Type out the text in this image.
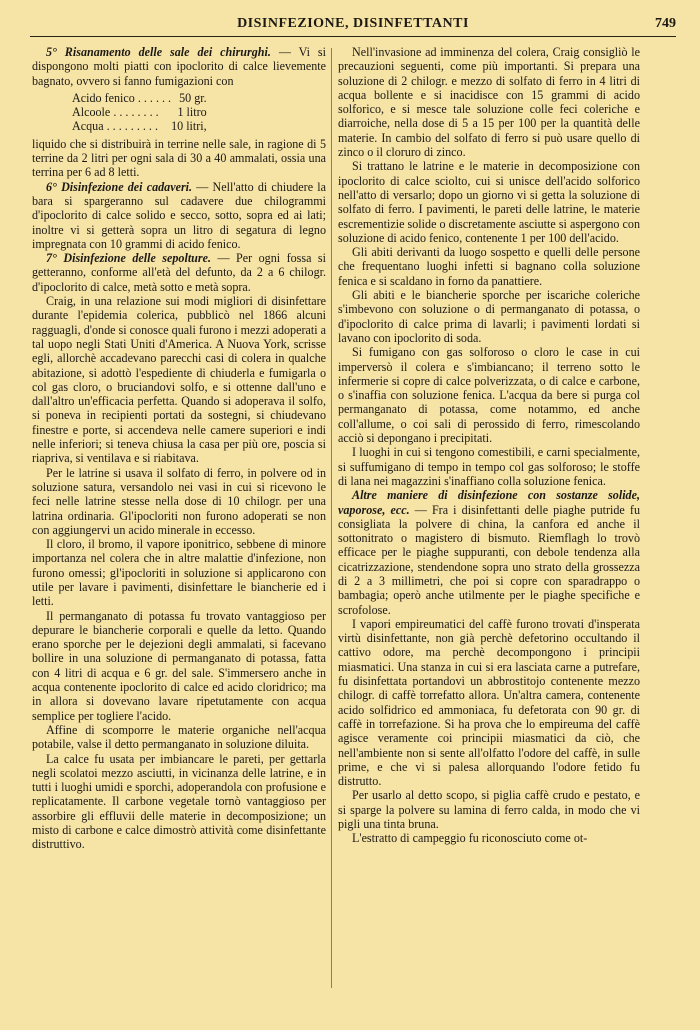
DISINFEZIONE, DISINFETTANTI	749

5° Risanamento delle sale dei chirurghi. — Vi si dispongono molti piatti con ipoclorito di calce lievemente bagnato, ovvero si fanno fumigazioni con

Acido fenico . . . . . .	50 gr.
Alcoole . . . . . . . .	1 litro
Acqua . . . . . . . . .	10 litri,

liquido che si distribuirà in terrine nelle sale, in ragione di 5 terrine da 2 litri per ogni sala di 30 a 40 ammalati, ossia una terrina per 6 ad 8 letti.

6° Disinfezione dei cadaveri. — Nell'atto di chiudere la bara si spargeranno sul cadavere due chilogrammi d'ipoclorito di calce solido e secco, sotto, sopra ed ai lati; inoltre vi si getterà sopra un litro di segatura di legno impregnata con 10 grammi di acido fenico.

7° Disinfezione delle sepolture. — Per ogni fossa si getteranno, conforme all'età del defunto, da 2 a 6 chilogr. d'ipoclorito di calce, metà sotto e metà sopra.

Craig, in una relazione sui modi migliori di disinfettare durante l'epidemia colerica, pubblicò nel 1866 alcuni ragguagli, d'onde si conosce quali furono i mezzi adoperati a tal uopo negli Stati Uniti d'America. A Nuova York, scrisse egli, allorchè accadevano parecchi casi di colera in qualche abitazione, si adottò l'espediente di chiuderla e fumigarla o col gas cloro, o bruciandovi solfo, e si ottenne dall'uno e dall'altro un'efficacia perfetta. Quando si adoperava il solfo, si poneva in recipienti portati da sostegni, si chiudevano finestre e porte, si accendeva nelle camere superiori e indi nelle inferiori; si teneva chiusa la casa per più ore, poscia si riapriva, si ventilava e si riabitava.

Per le latrine si usava il solfato di ferro, in polvere od in soluzione satura, versandolo nei vasi in cui si ricevono le feci nelle latrine stesse nella dose di 10 chilogr. per una latrina ordinaria. Gl'ipocloriti non furono adoperati se non con aggiungervi un acido minerale in eccesso.

Il cloro, il bromo, il vapore iponitrico, sebbene di minore importanza nel colera che in altre malattie d'infezione, non furono omessi; gl'ipocloriti in soluzione si applicarono con utile per lavare i pavimenti, disinfettare le biancherie ed i letti.

Il permanganato di potassa fu trovato vantaggioso per depurare le biancherie corporali e quelle da letto. Quando erano sporche per le dejezioni degli ammalati, si facevano bollire in una soluzione di permanganato di potassa, fatta con 4 litri di acqua e 6 gr. del sale. S'immersero anche in acqua contenente ipoclorito di calce ed acido cloridrico; ma in allora si dovevano lavare ripetutamente con acqua semplice per togliere l'acido.

Affine di scomporre le materie organiche nell'acqua potabile, valse il detto permanganato in soluzione diluita.

La calce fu usata per imbiancare le pareti, per gettarla negli scolatoi mezzo asciutti, in vicinanza delle latrine, e in tutti i luoghi umidi e sporchi, adoperandola con profusione e replicatamente. Il carbone vegetale tornò vantaggioso per assorbire gli effluvii delle materie in decomposizione; un misto di carbone e calce dimostrò attività come disinfettante distruttivo.

Nell'invasione ad imminenza del colera, Craig consigliò le precauzioni seguenti, come più importanti. Si prepara una soluzione di 2 chilogr. e mezzo di solfato di ferro in 4 litri di acqua bollente e si inacidisce con 15 grammi di acido solforico, e si mesce tale soluzione colle feci coleriche e diarroiche, nella dose di 5 a 15 per 100 per la quantità delle materie. In cambio del solfato di ferro si può usare quello di zinco o il cloruro di zinco.

Si trattano le latrine e le materie in decomposizione con ipoclorito di calce sciolto, cui si unisce dell'acido solforico nell'atto di versarlo; dopo un giorno vi si getta la soluzione di solfato di ferro. I pavimenti, le pareti delle latrine, le materie escrementizie solide o discretamente asciutte si aspergono con soluzione di acido fenico, contenente 1 per 100 dell'acido.

Gli abiti derivanti da luogo sospetto e quelli delle persone che frequentano luoghi infetti si bagnano colla soluzione fenica e si scaldano in forno da panattiere.

Gli abiti e le biancherie sporche per iscariche coleriche s'imbevono con soluzione o di permanganato di potassa, o d'ipoclorito di calce prima di lavarli; i pavimenti lordati si lavano con ipoclorito di soda.

Si fumigano con gas solforoso o cloro le case in cui imperversò il colera e s'imbiancano; il terreno sotto le infermerie si copre di calce polverizzata, o di calce e carbone, o s'inaffia con soluzione fenica. L'acqua da bere si purga col permanganato di potassa, come notammo, ed anche coll'allume, o coi sali di perossido di ferro, rimescolando acciò si depongano i precipitati.

I luoghi in cui si tengono comestibili, e carni specialmente, si suffumigano di tempo in tempo col gas solforoso; le stoffe di lana nei magazzini s'inaffiano colla soluzione fenica.

Altre maniere di disinfezione con sostanze solide, vaporose, ecc. — Fra i disinfettanti delle piaghe putride fu consigliata la polvere di china, la canfora ed anche il sottonitrato o magistero di bismuto. Riemflagh lo trovò efficace per le piaghe suppuranti, con debole tendenza alla cicatrizzazione, stendendone sopra uno strato della grossezza di 2 a 3 millimetri, che poi si copre con sparadrappo o bambagia; operò anche utilmente per le piaghe specifiche e scrofolose.

I vapori empireumatici del caffè furono trovati d'insperata virtù disinfettante, non già perchè defetorino occultando il cattivo odore, ma perchè decompongono i principii miasmatici. Una stanza in cui si era lasciata carne a putrefare, fu disinfettata portandovi un abbrostitojo contenente mezzo chilogr. di caffè torrefatto allora. Un'altra camera, contenente acido solfidrico ed ammoniaca, fu defetorata con 90 gr. di caffè in torrefazione. Si ha prova che lo empireuma del caffè agisce veramente coi principii miasmatici da ciò, che nell'ambiente non si sente all'olfatto l'odore del caffè, in sulle prime, e che vi si palesa allorquando l'odore fetido fu distrutto.

Per usarlo al detto scopo, si piglia caffè crudo e pestato, e si sparge la polvere su lamina di ferro calda, in modo che vi pigli una tinta bruna.

L'estratto di campeggio fu riconosciuto come ot-
